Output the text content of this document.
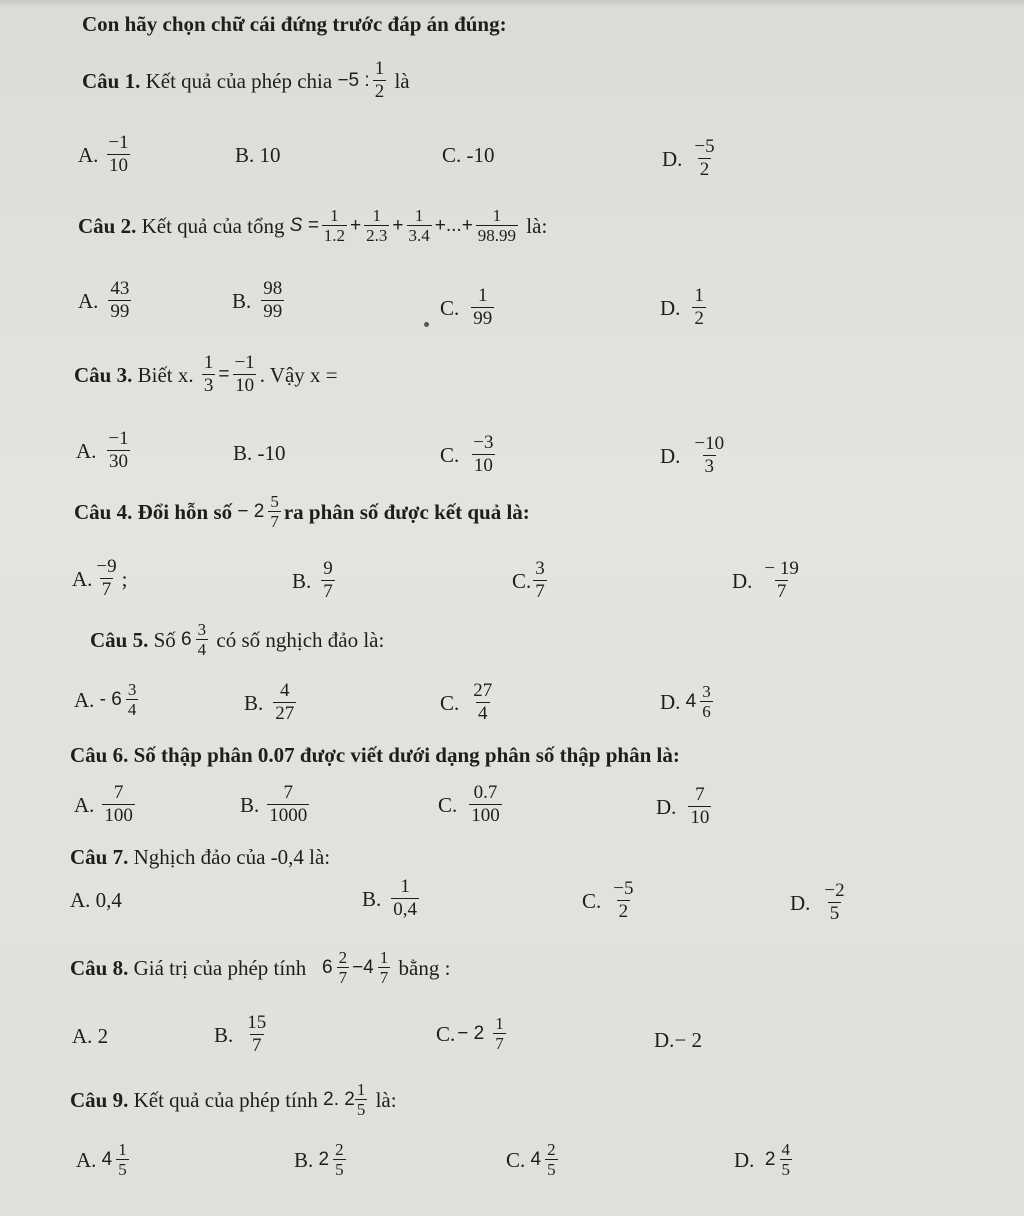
Con hãy chọn chữ cái đứng trước đáp án đúng:
Câu 1.
Kết quả của phép chia
−5 : $\frac{1}{2}$
là
A. $\frac{-1}{10}$	B. 10	C. -10	D. $\frac{-5}{2}$
Câu 2.
Kết quả của tổng
$S = \frac{1}{1.2} + \frac{1}{2.3} + \frac{1}{3.4}$ +...+ $\frac{1}{98.99}$
là:
A. $\frac{43}{99}$	B. $\frac{98}{99}$	C. $\frac{1}{99}$	D. $\frac{1}{2}$
Câu 3.
Biết x.
$\frac{1}{3} = \frac{-1}{10}$ . Vậy x =
A. $\frac{-1}{30}$	B. -10	C. $\frac{-3}{10}$	D. $\frac{-10}{3}$
Câu 4.
Đổi hỗn số
− $2 \frac{5}{7}$ ra phân số được kết quả là:
A. $\frac{-9}{7}$ ;	B. $\frac{9}{7}$	C. $\frac{3}{7}$	D. $\frac{- 19}{7}$
Câu 5.
Số
$6 \frac{3}{4}$
có số nghịch đảo là:
A.
- $6 \frac{3}{4}$	B. $\frac{4}{27}$	C. $\frac{27}{4}$	D.
$4 \frac{3}{6}$
Câu 6. Số thập phân 0.07 được viết dưới dạng phân số thập phân là:
A. $\frac{7}{100}$	B. $\frac{7}{1000}$	C. $\frac{0.7}{100}$	D. $\frac{7}{10}$
Câu 7. Nghịch đảo của -0,4 là:
A. 0,4	B. $\frac{1}{0,4}$	C. $\frac{-5}{2}$	D. $\frac{-2}{5}$
Câu 8.
Giá trị của phép tính
$6 \frac{2}{7} - 4 \frac{1}{7}$
bằng :
A. 2	B. $\frac{15}{7}$	C. − 2
$\frac{1}{7}$	D.− 2
Câu 9.
Kết quả của phép tính
2. $2 \frac{1}{5}$
là:
A.
$4 \frac{1}{5}$	B.
$2 \frac{2}{5}$	C.
$4 \frac{2}{5}$	D.
$2 \frac{4}{5}$
